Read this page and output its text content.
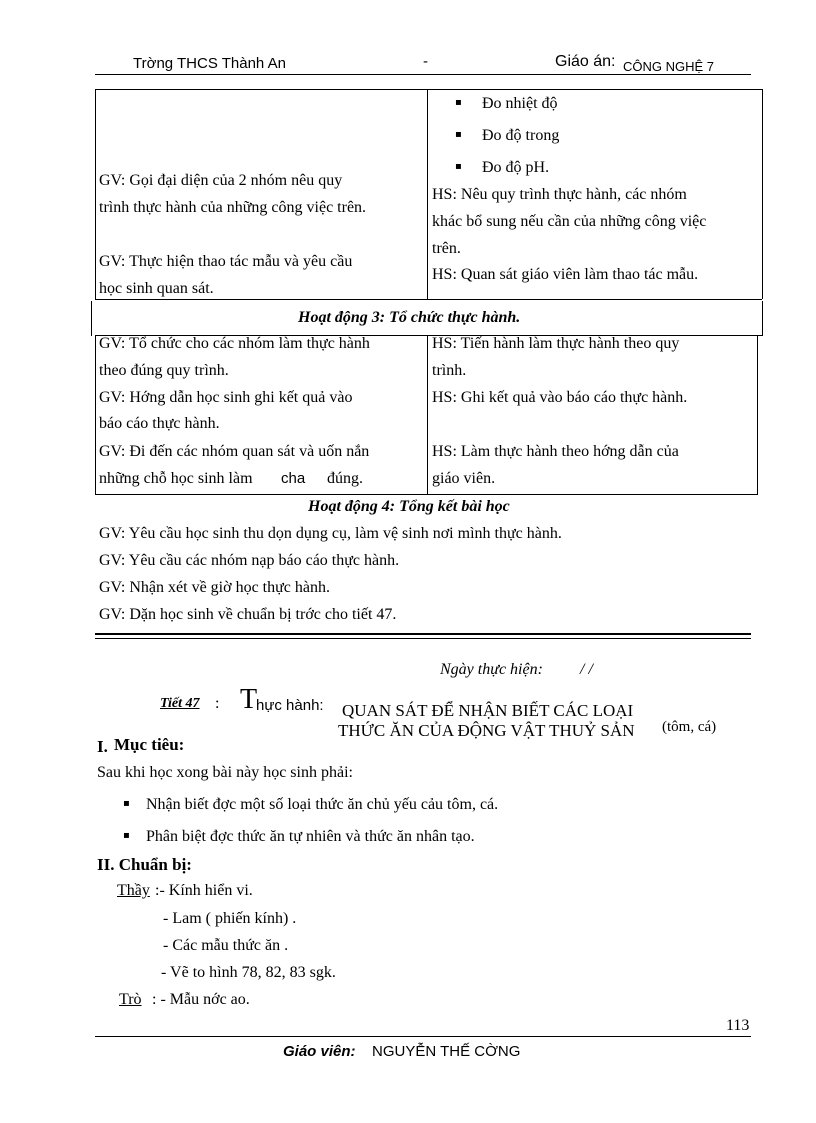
Trờng THCS Thành An	-	Giáo án: CÔNG NGHỆ 7
▪ Đo nhiệt độ
▪ Đo độ trong
▪ Đo độ pH.
GV: Gọi đại diện của 2 nhóm nêu quy
trình thực hành của những công việc trên.
GV: Thực hiện thao tác mẫu và yêu cầu
học sinh quan sát.
HS: Nêu quy trình thực hành, các nhóm
khác bổ sung nếu cần của những công việc
trên.
HS: Quan sát giáo viên làm thao tác mẫu.
Hoạt động 3: Tổ chức thực hành.
GV: Tổ chức cho các nhóm làm thực hành
theo đúng quy trình.
HS: Tiến hành làm thực hành theo quy
trình.
GV: Hớng dẫn học sinh ghi kết quả vào
báo cáo thực hành.
HS: Ghi kết quả vào báo cáo thực hành.
GV: Đi đến các nhóm quan sát và uốn nắn
những chỗ học sinh làm cha đúng.
HS: Làm thực hành theo hớng dẫn của
giáo viên.
Hoạt động 4: Tổng kết bài học
GV: Yêu cầu học sinh thu dọn dụng cụ, làm vệ sinh nơi mình thực hành.
GV: Yêu cầu các nhóm nạp báo cáo thực hành.
GV: Nhận xét về giờ học thực hành.
GV: Dặn học sinh về chuẩn bị trớc cho tiết 47.
Ngày thực hiện: / /
Tiết 47 : T
hực hành: QUAN SÁT ĐỂ NHẬN BIẾT CÁC LOẠI
THỨC ĂN CỦA ĐỘNG VẬT THUỶ SẢN (tôm, cá)
I. Mục tiêu:
Sau khi học xong bài này học sinh phải:
▪ Nhận biết đợc một số loại thức ăn chủ yếu cảu tôm, cá.
▪ Phân biệt đợc thức ăn tự nhiên và thức ăn nhân tạo.
II. Chuẩn bị:
Thầy :- Kính hiển vi.
- Lam ( phiến kính) .
- Các mẫu thức ăn .
- Vẽ to hình 78, 82, 83 sgk.
Trò : - Mẫu nớc ao.
113
Giáo viên: NGUYỄN THẾ CỜNG
